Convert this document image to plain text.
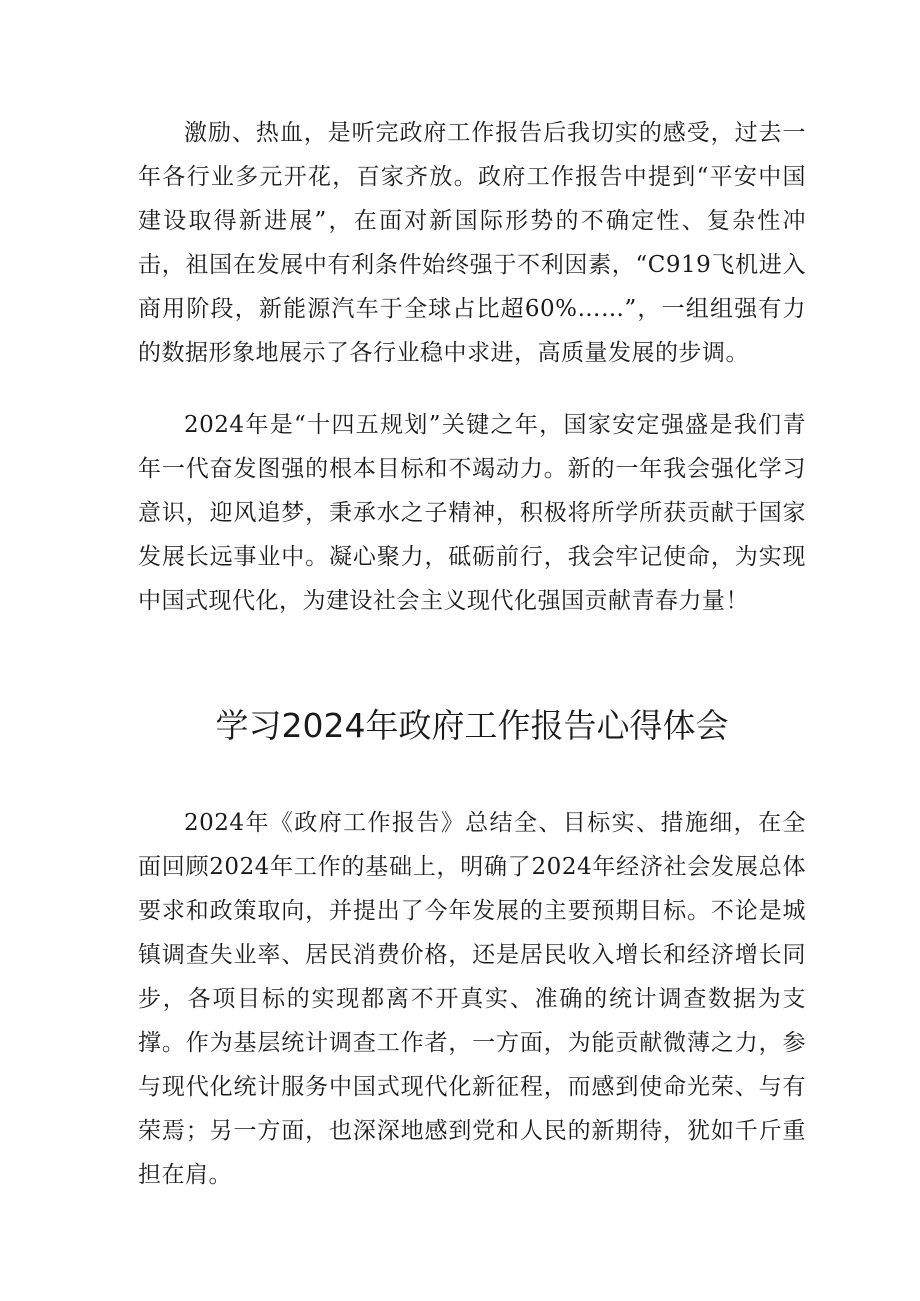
激励、热血，是听完政府工作报告后我切实的感受，过去一年各行业多元开花，百家齐放。政府工作报告中提到“平安中国建设取得新进展”，在面对新国际形势的不确定性、复杂性冲击，祖国在发展中有利条件始终强于不利因素，“C919飞机进入商用阶段，新能源汽车于全球占比超60%……”，一组组强有力的数据形象地展示了各行业稳中求进，高质量发展的步调。

2024年是“十四五规划”关键之年，国家安定强盛是我们青年一代奋发图强的根本目标和不竭动力。新的一年我会强化学习意识，迎风追梦，秉承水之子精神，积极将所学所获贡献于国家发展长远事业中。凝心聚力，砥砺前行，我会牢记使命，为实现中国式现代化，为建设社会主义现代化强国贡献青春力量！

学习2024年政府工作报告心得体会

2024年《政府工作报告》总结全、目标实、措施细，在全面回顾2024年工作的基础上，明确了2024年经济社会发展总体要求和政策取向，并提出了今年发展的主要预期目标。不论是城镇调查失业率、居民消费价格，还是居民收入增长和经济增长同步，各项目标的实现都离不开真实、准确的统计调查数据为支撑。作为基层统计调查工作者，一方面，为能贡献微薄之力，参与现代化统计服务中国式现代化新征程，而感到使命光荣、与有荣焉；另一方面，也深深地感到党和人民的新期待，犹如千斤重担在肩。
